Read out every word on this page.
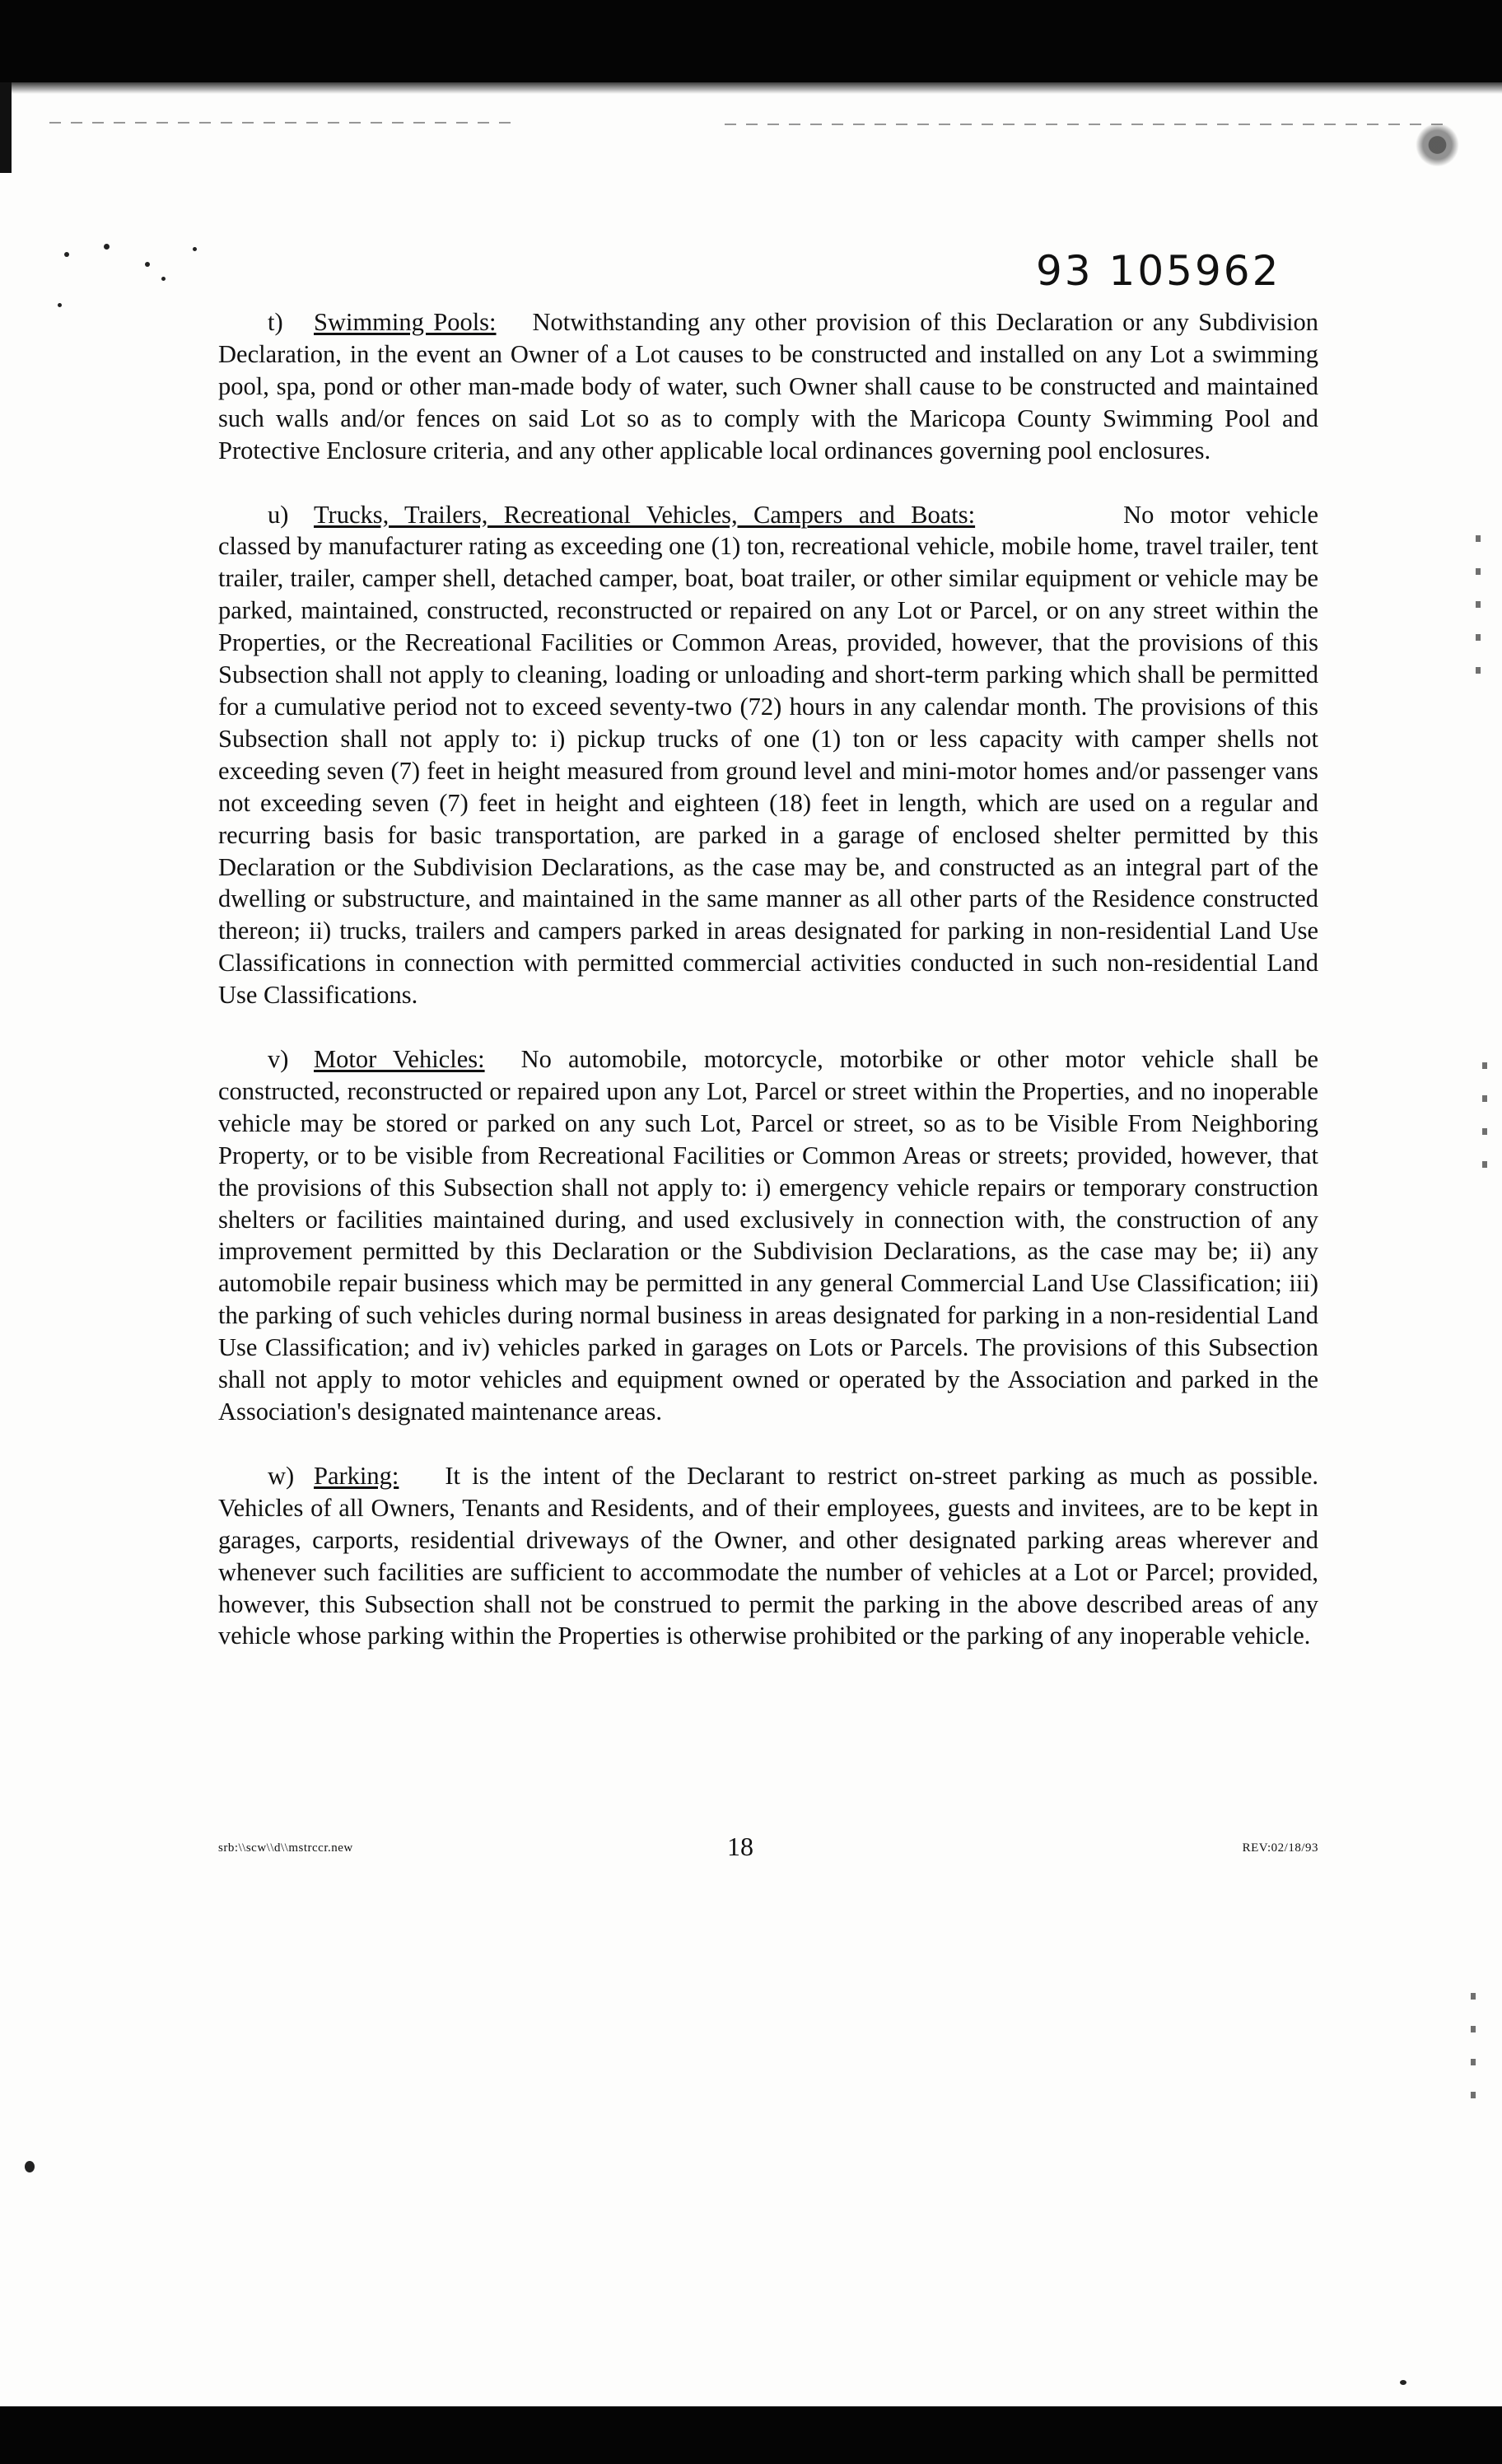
93 105962

t) Swimming Pools: Notwithstanding any other provision of this Declaration or any Subdivision Declaration, in the event an Owner of a Lot causes to be constructed and installed on any Lot a swimming pool, spa, pond or other man-made body of water, such Owner shall cause to be constructed and maintained such walls and/or fences on said Lot so as to comply with the Maricopa County Swimming Pool and Protective Enclosure criteria, and any other applicable local ordinances governing pool enclosures.

u) Trucks, Trailers, Recreational Vehicles, Campers and Boats:	No motor vehicle classed by manufacturer rating as exceeding one (1) ton, recreational vehicle, mobile home, travel trailer, tent trailer, trailer, camper shell, detached camper, boat, boat trailer, or other similar equipment or vehicle may be parked, maintained, constructed, reconstructed or repaired on any Lot or Parcel, or on any street within the Properties, or the Recreational Facilities or Common Areas, provided, however, that the provisions of this Subsection shall not apply to cleaning, loading or unloading and short-term parking which shall be permitted for a cumulative period not to exceed seventy-two (72) hours in any calendar month. The provisions of this Subsection shall not apply to: i) pickup trucks of one (1) ton or less capacity with camper shells not exceeding seven (7) feet in height measured from ground level and mini-motor homes and/or passenger vans not exceeding seven (7) feet in height and eighteen (18) feet in length, which are used on a regular and recurring basis for basic transportation, are parked in a garage of enclosed shelter permitted by this Declaration or the Subdivision Declarations, as the case may be, and constructed as an integral part of the dwelling or substructure, and maintained in the same manner as all other parts of the Residence constructed thereon; ii) trucks, trailers and campers parked in areas designated for parking in non-residential Land Use Classifications in connection with permitted commercial activities conducted in such non-residential Land Use Classifications.

v) Motor Vehicles: No automobile, motorcycle, motorbike or other motor vehicle shall be constructed, reconstructed or repaired upon any Lot, Parcel or street within the Properties, and no inoperable vehicle may be stored or parked on any such Lot, Parcel or street, so as to be Visible From Neighboring Property, or to be visible from Recreational Facilities or Common Areas or streets; provided, however, that the provisions of this Subsection shall not apply to: i) emergency vehicle repairs or temporary construction shelters or facilities maintained during, and used exclusively in connection with, the construction of any improvement permitted by this Declaration or the Subdivision Declarations, as the case may be; ii) any automobile repair business which may be permitted in any general Commercial Land Use Classification; iii) the parking of such vehicles during normal business in areas designated for parking in a non-residential Land Use Classification; and iv) vehicles parked in garages on Lots or Parcels. The provisions of this Subsection shall not apply to motor vehicles and equipment owned or operated by the Association and parked in the Association's designated maintenance areas.

w) Parking: It is the intent of the Declarant to restrict on-street parking as much as possible. Vehicles of all Owners, Tenants and Residents, and of their employees, guests and invitees, are to be kept in garages, carports, residential driveways of the Owner, and other designated parking areas wherever and whenever such facilities are sufficient to accommodate the number of vehicles at a Lot or Parcel; provided, however, this Subsection shall not be construed to permit the parking in the above described areas of any vehicle whose parking within the Properties is otherwise prohibited or the parking of any inoperable vehicle.

srb:\\scw\\d\\mstrccr.new	18	REV:02/18/93
